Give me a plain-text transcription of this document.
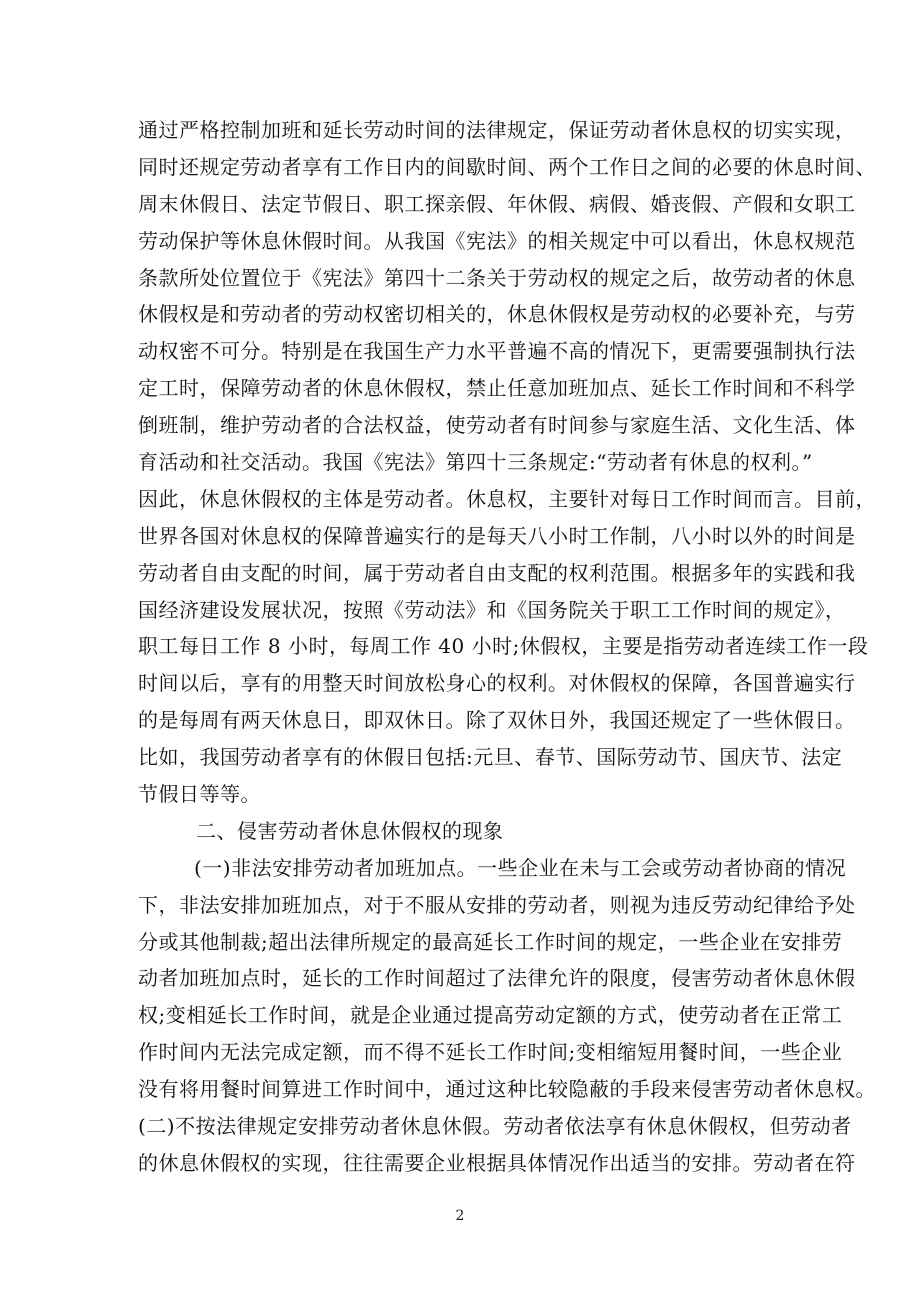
通过严格控制加班和延长劳动时间的法律规定，保证劳动者休息权的切实实现，
同时还规定劳动者享有工作日内的间歇时间、两个工作日之间的必要的休息时间、
周末休假日、法定节假日、职工探亲假、年休假、病假、婚丧假、产假和女职工
劳动保护等休息休假时间。从我国《宪法》的相关规定中可以看出，休息权规范
条款所处位置位于《宪法》第四十二条关于劳动权的规定之后，故劳动者的休息
休假权是和劳动者的劳动权密切相关的，休息休假权是劳动权的必要补充，与劳
动权密不可分。特别是在我国生产力水平普遍不高的情况下，更需要强制执行法
定工时，保障劳动者的休息休假权，禁止任意加班加点、延长工作时间和不科学
倒班制，维护劳动者的合法权益，使劳动者有时间参与家庭生活、文化生活、体
育活动和社交活动。我国《宪法》第四十三条规定:“劳动者有休息的权利。”
因此，休息休假权的主体是劳动者。休息权，主要针对每日工作时间而言。目前，
世界各国对休息权的保障普遍实行的是每天八小时工作制，八小时以外的时间是
劳动者自由支配的时间，属于劳动者自由支配的权利范围。根据多年的实践和我
国经济建设发展状况，按照《劳动法》和《国务院关于职工工作时间的规定》，
职工每日工作 8 小时，每周工作 40 小时;休假权，主要是指劳动者连续工作一段
时间以后，享有的用整天时间放松身心的权利。对休假权的保障，各国普遍实行
的是每周有两天休息日，即双休日。除了双休日外，我国还规定了一些休假日。
比如，我国劳动者享有的休假日包括:元旦、春节、国际劳动节、国庆节、法定
节假日等等。
二、侵害劳动者休息休假权的现象
(一)非法安排劳动者加班加点。一些企业在未与工会或劳动者协商的情况
下，非法安排加班加点，对于不服从安排的劳动者，则视为违反劳动纪律给予处
分或其他制裁;超出法律所规定的最高延长工作时间的规定，一些企业在安排劳
动者加班加点时，延长的工作时间超过了法律允许的限度，侵害劳动者休息休假
权;变相延长工作时间，就是企业通过提高劳动定额的方式，使劳动者在正常工
作时间内无法完成定额，而不得不延长工作时间;变相缩短用餐时间，一些企业
没有将用餐时间算进工作时间中，通过这种比较隐蔽的手段来侵害劳动者休息权。
(二)不按法律规定安排劳动者休息休假。劳动者依法享有休息休假权，但劳动者
的休息休假权的实现，往往需要企业根据具体情况作出适当的安排。劳动者在符
2
